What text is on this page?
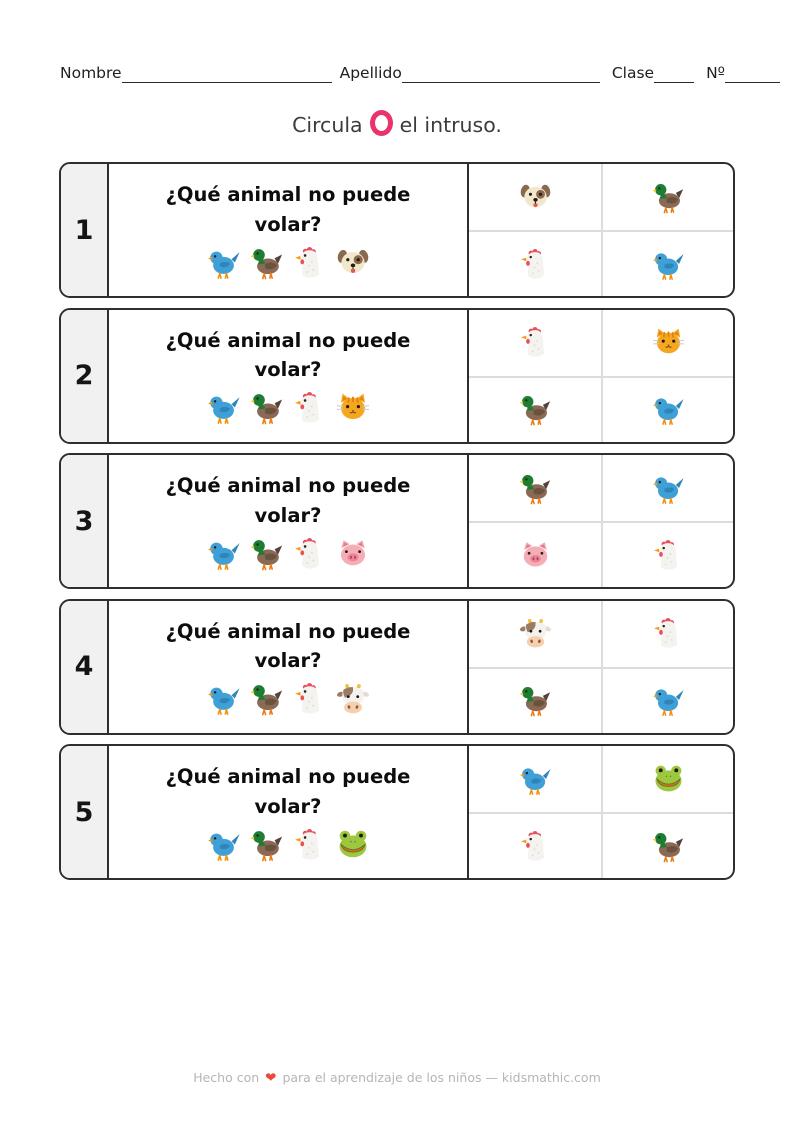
Nombre	Apellido	Clase	Nº
Circula el intruso.
1
¿Qué animal no puede
volar?
2
¿Qué animal no puede
volar?
3
¿Qué animal no puede
volar?
4
¿Qué animal no puede
volar?
5
¿Qué animal no puede
volar?
Hecho con ❤ para el aprendizaje de los niños — kidsmathic.com
